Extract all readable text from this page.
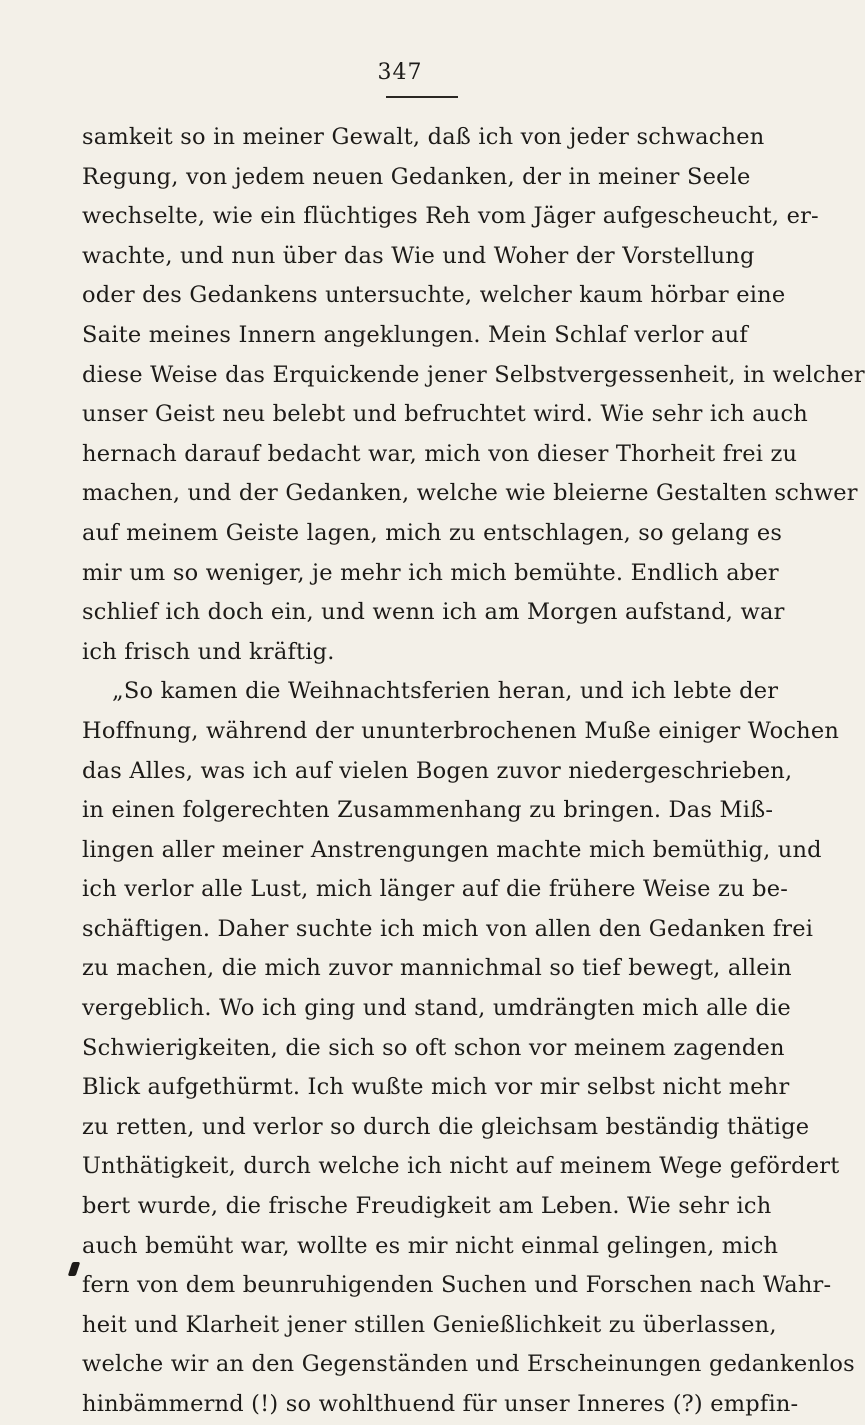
347
samkeit so in meiner Gewalt, daß ich von jeder schwachen
Regung, von jedem neuen Gedanken, der in meiner Seele
wechselte, wie ein flüchtiges Reh vom Jäger aufgescheucht, er-
wachte, und nun über das Wie und Woher der Vorstellung
oder des Gedankens untersuchte, welcher kaum hörbar eine
Saite meines Innern angeklungen. Mein Schlaf verlor auf
diese Weise das Erquickende jener Selbstvergessenheit, in welcher
unser Geist neu belebt und befruchtet wird. Wie sehr ich auch
hernach darauf bedacht war, mich von dieser Thorheit frei zu
machen, und der Gedanken, welche wie bleierne Gestalten schwer
auf meinem Geiste lagen, mich zu entschlagen, so gelang es
mir um so weniger, je mehr ich mich bemühte. Endlich aber
schlief ich doch ein, und wenn ich am Morgen aufstand, war
ich frisch und kräftig.
„So kamen die Weihnachtsferien heran, und ich lebte der
Hoffnung, während der ununterbrochenen Muße einiger Wochen
das Alles, was ich auf vielen Bogen zuvor niedergeschrieben,
in einen folgerechten Zusammenhang zu bringen. Das Miß-
lingen aller meiner Anstrengungen machte mich bemüthig, und
ich verlor alle Lust, mich länger auf die frühere Weise zu be-
schäftigen. Daher suchte ich mich von allen den Gedanken frei
zu machen, die mich zuvor mannichmal so tief bewegt, allein
vergeblich. Wo ich ging und stand, umdrängten mich alle die
Schwierigkeiten, die sich so oft schon vor meinem zagenden
Blick aufgethürmt. Ich wußte mich vor mir selbst nicht mehr
zu retten, und verlor so durch die gleichsam beständig thätige
Unthätigkeit, durch welche ich nicht auf meinem Wege gefördert
bert wurde, die frische Freudigkeit am Leben. Wie sehr ich
auch bemüht war, wollte es mir nicht einmal gelingen, mich
fern von dem beunruhigenden Suchen und Forschen nach Wahr-
heit und Klarheit jener stillen Genießlichkeit zu überlassen,
welche wir an den Gegenständen und Erscheinungen gedankenlos
hinbämmernd (!) so wohlthuend für unser Inneres (?) empfin-
